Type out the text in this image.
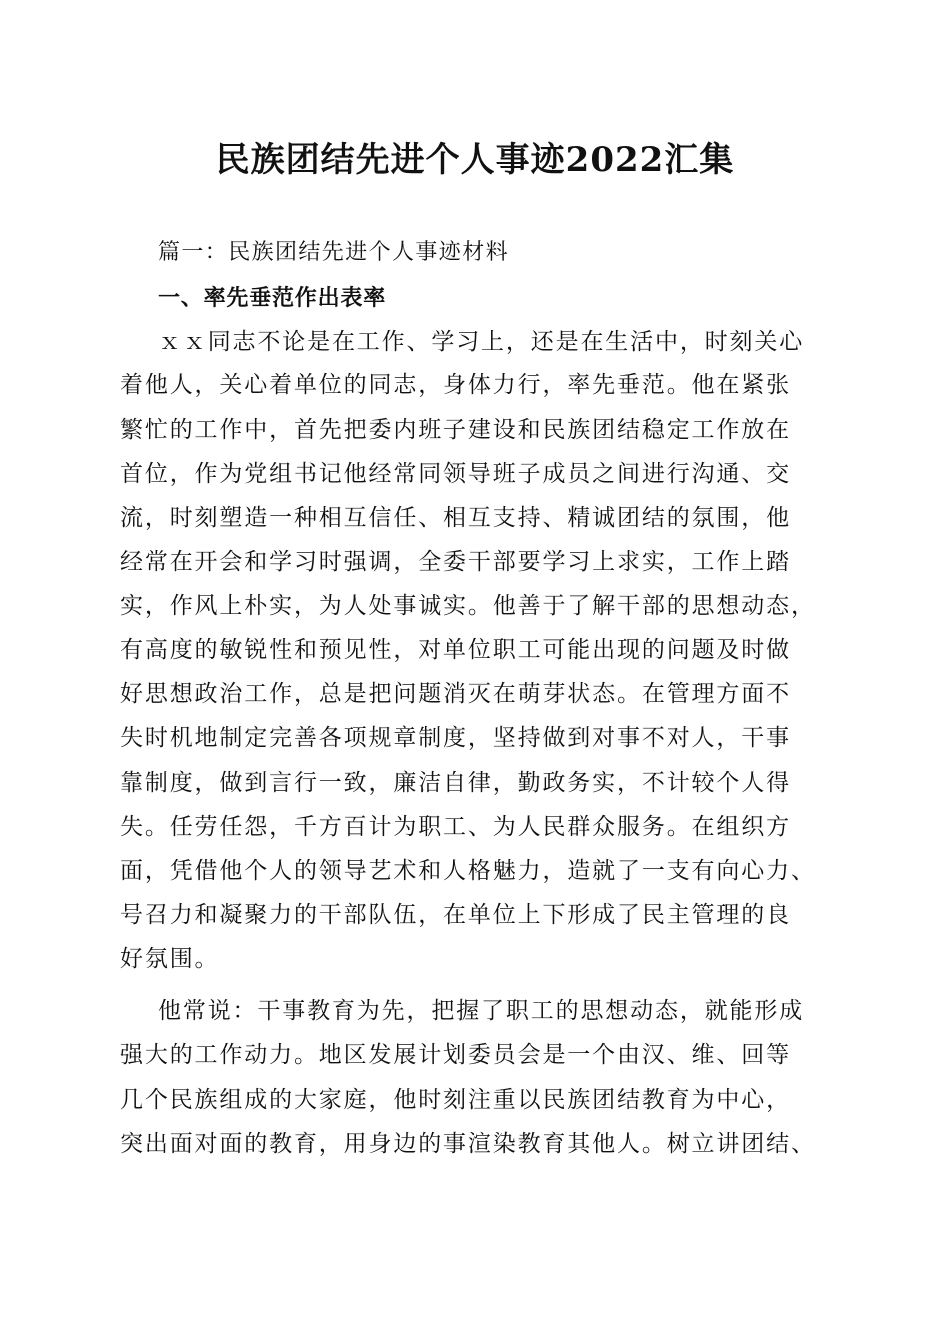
民族团结先进个人事迹2022汇集
篇一：民族团结先进个人事迹材料
一、率先垂范作出表率
ｘｘ同志不论是在工作、学习上，还是在生活中，时刻关心
着他人，关心着单位的同志，身体力行，率先垂范。他在紧张
繁忙的工作中，首先把委内班子建设和民族团结稳定工作放在
首位，作为党组书记他经常同领导班子成员之间进行沟通、交
流，时刻塑造一种相互信任、相互支持、精诚团结的氛围，他
经常在开会和学习时强调，全委干部要学习上求实，工作上踏
实，作风上朴实，为人处事诚实。他善于了解干部的思想动态，
有高度的敏锐性和预见性，对单位职工可能出现的问题及时做
好思想政治工作，总是把问题消灭在萌芽状态。在管理方面不
失时机地制定完善各项规章制度，坚持做到对事不对人，干事
靠制度，做到言行一致，廉洁自律，勤政务实，不计较个人得
失。任劳任怨，千方百计为职工、为人民群众服务。在组织方
面，凭借他个人的领导艺术和人格魅力，造就了一支有向心力、
号召力和凝聚力的干部队伍，在单位上下形成了民主管理的良
好氛围。
他常说：干事教育为先，把握了职工的思想动态，就能形成
强大的工作动力。地区发展计划委员会是一个由汉、维、回等
几个民族组成的大家庭，他时刻注重以民族团结教育为中心，
突出面对面的教育，用身边的事渲染教育其他人。树立讲团结、
